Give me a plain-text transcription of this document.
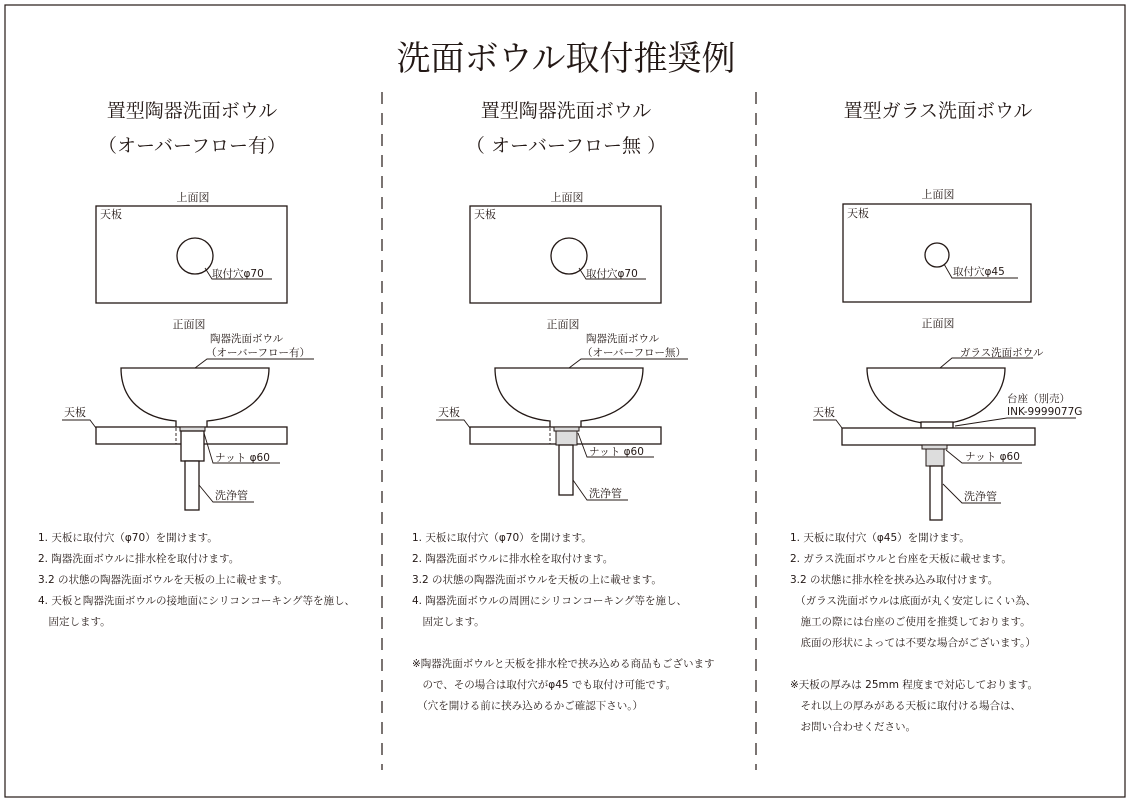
洗面ボウル取付推奨例
置型陶器洗面ボウル
（オーバーフロー有）
上面図
天板
取付穴φ70
正面図
陶器洗面ボウル
（オーバーフロー有）
天板
ナット φ60
洗浄管
1. 天板に取付穴（φ70）を開けます。
2. 陶器洗面ボウルに排水栓を取付けます。
3.2 の状態の陶器洗面ボウルを天板の上に載せます。
4. 天板と陶器洗面ボウルの接地面にシリコンコーキング等を施し、
　固定します。
置型陶器洗面ボウル
（ オーバーフロー無 ）
上面図
天板
取付穴φ70
正面図
陶器洗面ボウル
（オーバーフロー無）
天板
ナット φ60
洗浄管
1. 天板に取付穴（φ70）を開けます。
2. 陶器洗面ボウルに排水栓を取付けます。
3.2 の状態の陶器洗面ボウルを天板の上に載せます。
4. 陶器洗面ボウルの周囲にシリコンコーキング等を施し、
　固定します。
※陶器洗面ボウルと天板を排水栓で挟み込める商品もございます
　ので、その場合は取付穴がφ45 でも取付け可能です。
　（穴を開ける前に挟み込めるかご確認下さい。）
置型ガラス洗面ボウル
上面図
天板
取付穴φ45
正面図
ガラス洗面ボウル
台座（別売）
INK-9999077G
天板
ナット φ60
洗浄管
1. 天板に取付穴（φ45）を開けます。
2. ガラス洗面ボウルと台座を天板に載せます。
3.2 の状態に排水栓を挟み込み取付けます。
　（ガラス洗面ボウルは底面が丸く安定しにくい為、
　施工の際には台座のご使用を推奨しております。
　底面の形状によっては不要な場合がございます。）
※天板の厚みは 25mm 程度まで対応しております。
　それ以上の厚みがある天板に取付ける場合は、
　お問い合わせください。
